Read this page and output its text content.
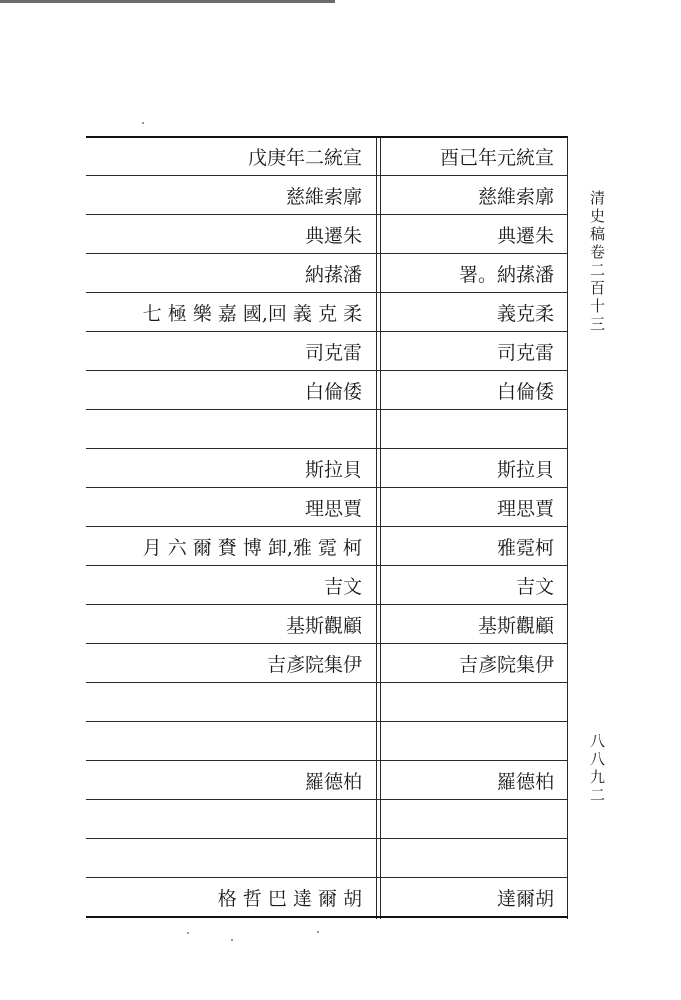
戊庚年二統宣	酉己年元統宣
慈維索廓	慈維索廓
典遷朱	典遷朱
納蓀潘	署。納蓀潘
七 極 樂 嘉 國,回 義 克 柔	義克柔
司克雷	司克雷
白倫倭	白倫倭
斯拉貝	斯拉貝
理思賈	理思賈
月 六 爾 賚 博 卸,雅 霓 柯	雅霓柯
吉文	吉文
基斯觀顧	基斯觀顧
吉彥院集伊	吉彥院集伊
羅德柏	羅德柏
格 哲 巴 達 爾 胡	達爾胡
清史稿卷二百十三
八八九二
